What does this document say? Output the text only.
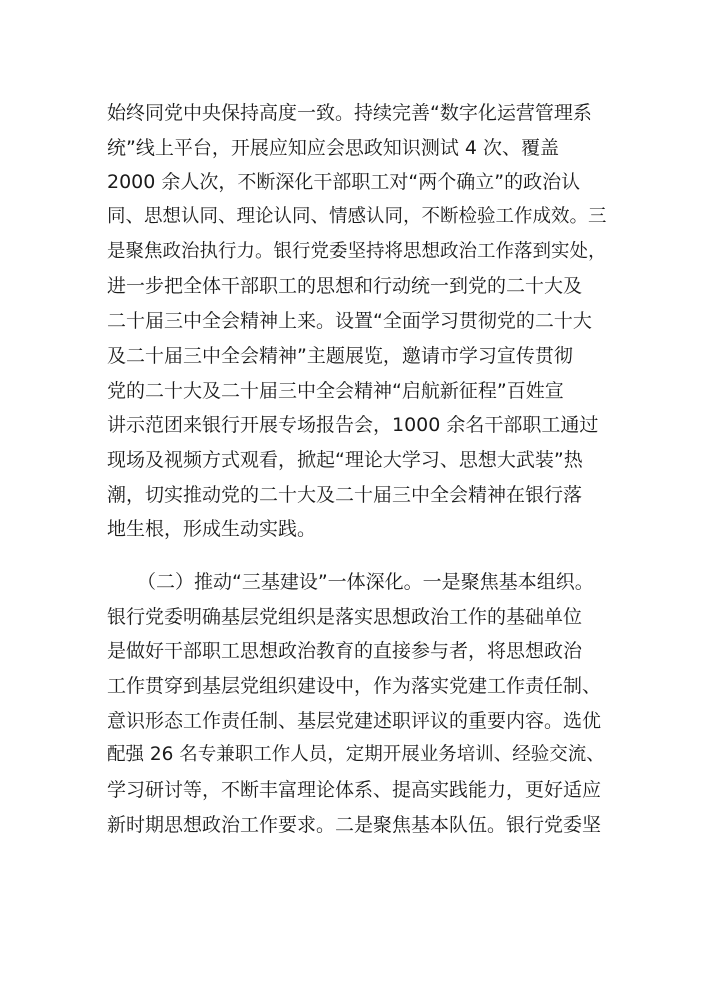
始终同党中央保持高度一致。持续完善“数字化运营管理系
统”线上平台，开展应知应会思政知识测试 4 次、覆盖
2000 余人次，不断深化干部职工对“两个确立”的政治认
同、思想认同、理论认同、情感认同，不断检验工作成效。三
是聚焦政治执行力。银行党委坚持将思想政治工作落到实处，
进一步把全体干部职工的思想和行动统一到党的二十大及
二十届三中全会精神上来。设置“全面学习贯彻党的二十大
及二十届三中全会精神”主题展览，邀请市学习宣传贯彻
党的二十大及二十届三中全会精神“启航新征程”百姓宣
讲示范团来银行开展专场报告会，1000 余名干部职工通过
现场及视频方式观看，掀起“理论大学习、思想大武装”热
潮，切实推动党的二十大及二十届三中全会精神在银行落
地生根，形成生动实践。
（二）推动“三基建设”一体深化。一是聚焦基本组织。
银行党委明确基层党组织是落实思想政治工作的基础单位
是做好干部职工思想政治教育的直接参与者，将思想政治
工作贯穿到基层党组织建设中，作为落实党建工作责任制、
意识形态工作责任制、基层党建述职评议的重要内容。选优
配强 26 名专兼职工作人员，定期开展业务培训、经验交流、
学习研讨等，不断丰富理论体系、提高实践能力，更好适应
新时期思想政治工作要求。二是聚焦基本队伍。银行党委坚
